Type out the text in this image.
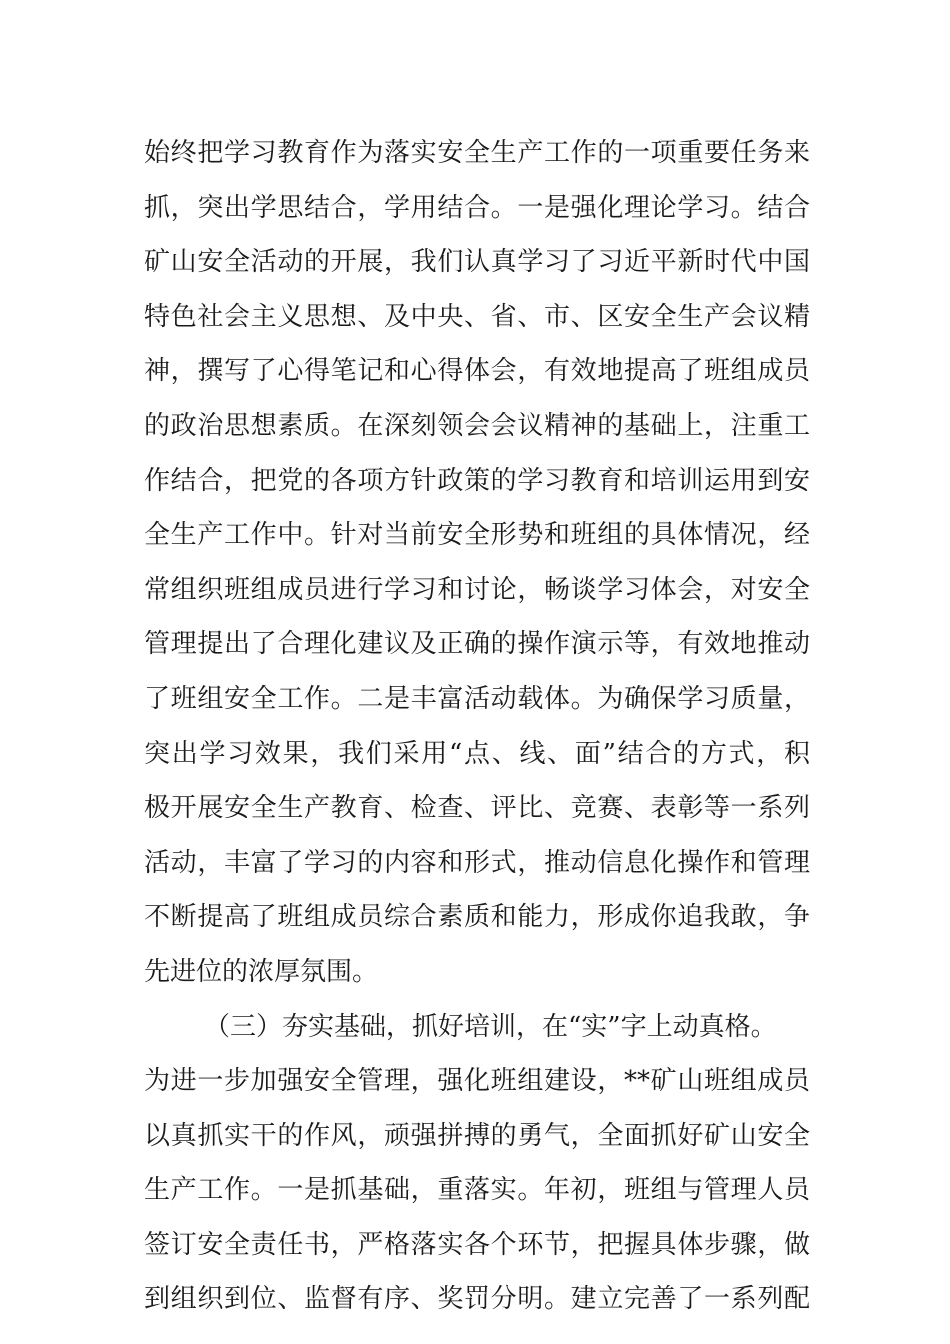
始终把学习教育作为落实安全生产工作的一项重要任务来
抓，突出学思结合，学用结合。一是强化理论学习。结合
矿山安全活动的开展，我们认真学习了习近平新时代中国
特色社会主义思想、及中央、省、市、区安全生产会议精
神，撰写了心得笔记和心得体会，有效地提高了班组成员
的政治思想素质。在深刻领会会议精神的基础上，注重工
作结合，把党的各项方针政策的学习教育和培训运用到安
全生产工作中。针对当前安全形势和班组的具体情况，经
常组织班组成员进行学习和讨论，畅谈学习体会，对安全
管理提出了合理化建议及正确的操作演示等，有效地推动
了班组安全工作。二是丰富活动载体。为确保学习质量，
突出学习效果，我们采用“点、线、面”结合的方式，积
极开展安全生产教育、检查、评比、竞赛、表彰等一系列
活动，丰富了学习的内容和形式，推动信息化操作和管理
不断提高了班组成员综合素质和能力，形成你追我敢，争
先进位的浓厚氛围。
（三）夯实基础，抓好培训，在“实”字上动真格。
为进一步加强安全管理，强化班组建设，**矿山班组成员
以真抓实干的作风，顽强拼搏的勇气，全面抓好矿山安全
生产工作。一是抓基础，重落实。年初，班组与管理人员
签订安全责任书，严格落实各个环节，把握具体步骤，做
到组织到位、监督有序、奖罚分明。建立完善了一系列配
